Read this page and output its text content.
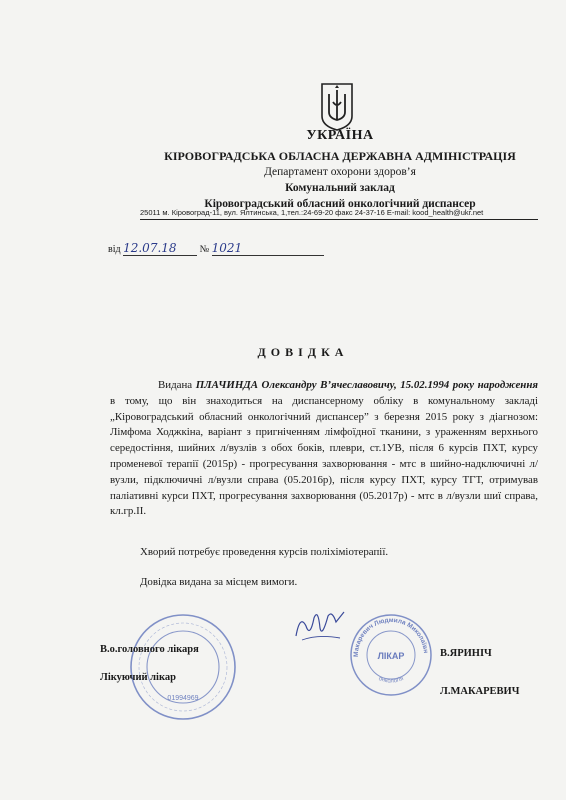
УКРАЇНА
КІРОВОГРАДСЬКА ОБЛАСНА ДЕРЖАВНА АДМІНІСТРАЦІЯ
Департамент охорони здоров’я
Комунальний заклад
Кіровоградський обласний онкологічний диспансер
25011 м. Кіровоград-11, вул. Ялтинська, 1,тел.:24-69-20 факс 24-37-16 E-mail: kood_health@ukr.net
від 12.07.18 № 1021
ДОВІДКА

Видана ПЛАЧИНДА Олександру В’ячеславовичу, 15.02.1994 року народження в тому, що він знаходиться на диспансерному обліку в комунальному закладі „Кіровоградський обласний онкологічний диспансер” з березня 2015 року з діагнозом: Лімфома Ходжкіна, варіант з пригніченням лімфоїдної тканини, з ураженням верхнього середостіння, шийних л/вузлів з обох боків, плеври, ст.1УВ, після 6 курсів ПХТ, курсу променевої терапії (2015р) - прогресування захворювання - мтс в шийно-надключичні л/вузли, підключичні л/вузли справа (05.2016р), після курсу ПХТ, курсу ТГТ, отримував паліативні курси ПХТ, прогресування захворювання (05.2017р) - мтс в л/вузли шиї справа, кл.гр.II.

Хворий потребує проведення курсів поліхіміотерапії.
Довідка видана за місцем вимоги.
01994969
Макаревич Людмила Миколаївн
ЛІКАР
онкологія
В.о.головного лікаря
Лікуючий лікар
В.ЯРИНІЧ
Л.МАКАРЕВИЧ
